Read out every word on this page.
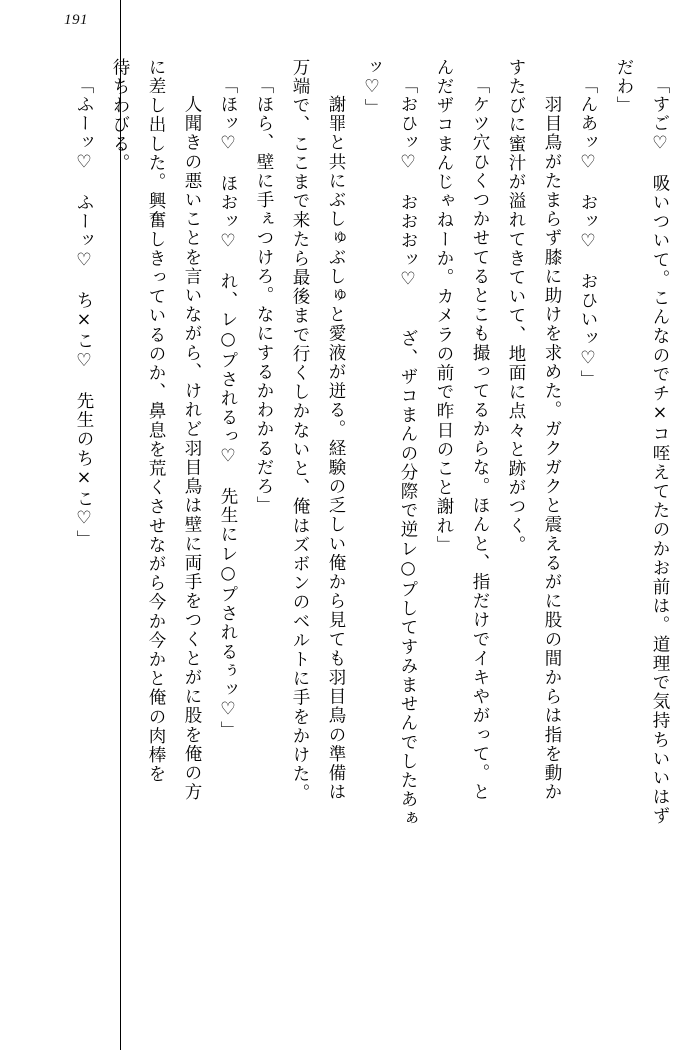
191
「すご♡　吸いついて。こんなのでチ×コ咥えてたのかお前は。道理で気持ちいいはず
だわ」
「んあッ♡　おッ♡　おひいッ♡」
　羽目鳥がたまらず膝に助けを求めた。ガクガクと震えるがに股の間からは指を動か
すたびに蜜汁が溢れてきていて、地面に点々と跡がつく。
「ケツ穴ひくつかせてるとこも撮ってるからな。ほんと、指だけでイキやがって。と
んだザコまんじゃねーか。カメラの前で昨日のこと謝れ」
「おひッ♡　おおおッ♡　　ざ、ザコまんの分際で逆レ○プしてすみませんでしたあぁ
ッ♡」
　謝罪と共にぶしゅぶしゅと愛液が迸る。経験の乏しい俺から見ても羽目鳥の準備は
万端で、ここまで来たら最後まで行くしかないと、俺はズボンのベルトに手をかけた。
「ほら、壁に手ぇつけろ。なにするかわかるだろ」
「ほッ♡　ほおッ♡　れ、レ○プされるっ♡　先生にレ○プされるぅッ♡」
　人聞きの悪いことを言いながら、けれど羽目鳥は壁に両手をつくとがに股を俺の方
に差し出した。興奮しきっているのか、鼻息を荒くさせながら今か今かと俺の肉棒を
待ちわびる。
「ふーッ♡　ふーッ♡　ち×こ♡　先生のち×こ♡」
